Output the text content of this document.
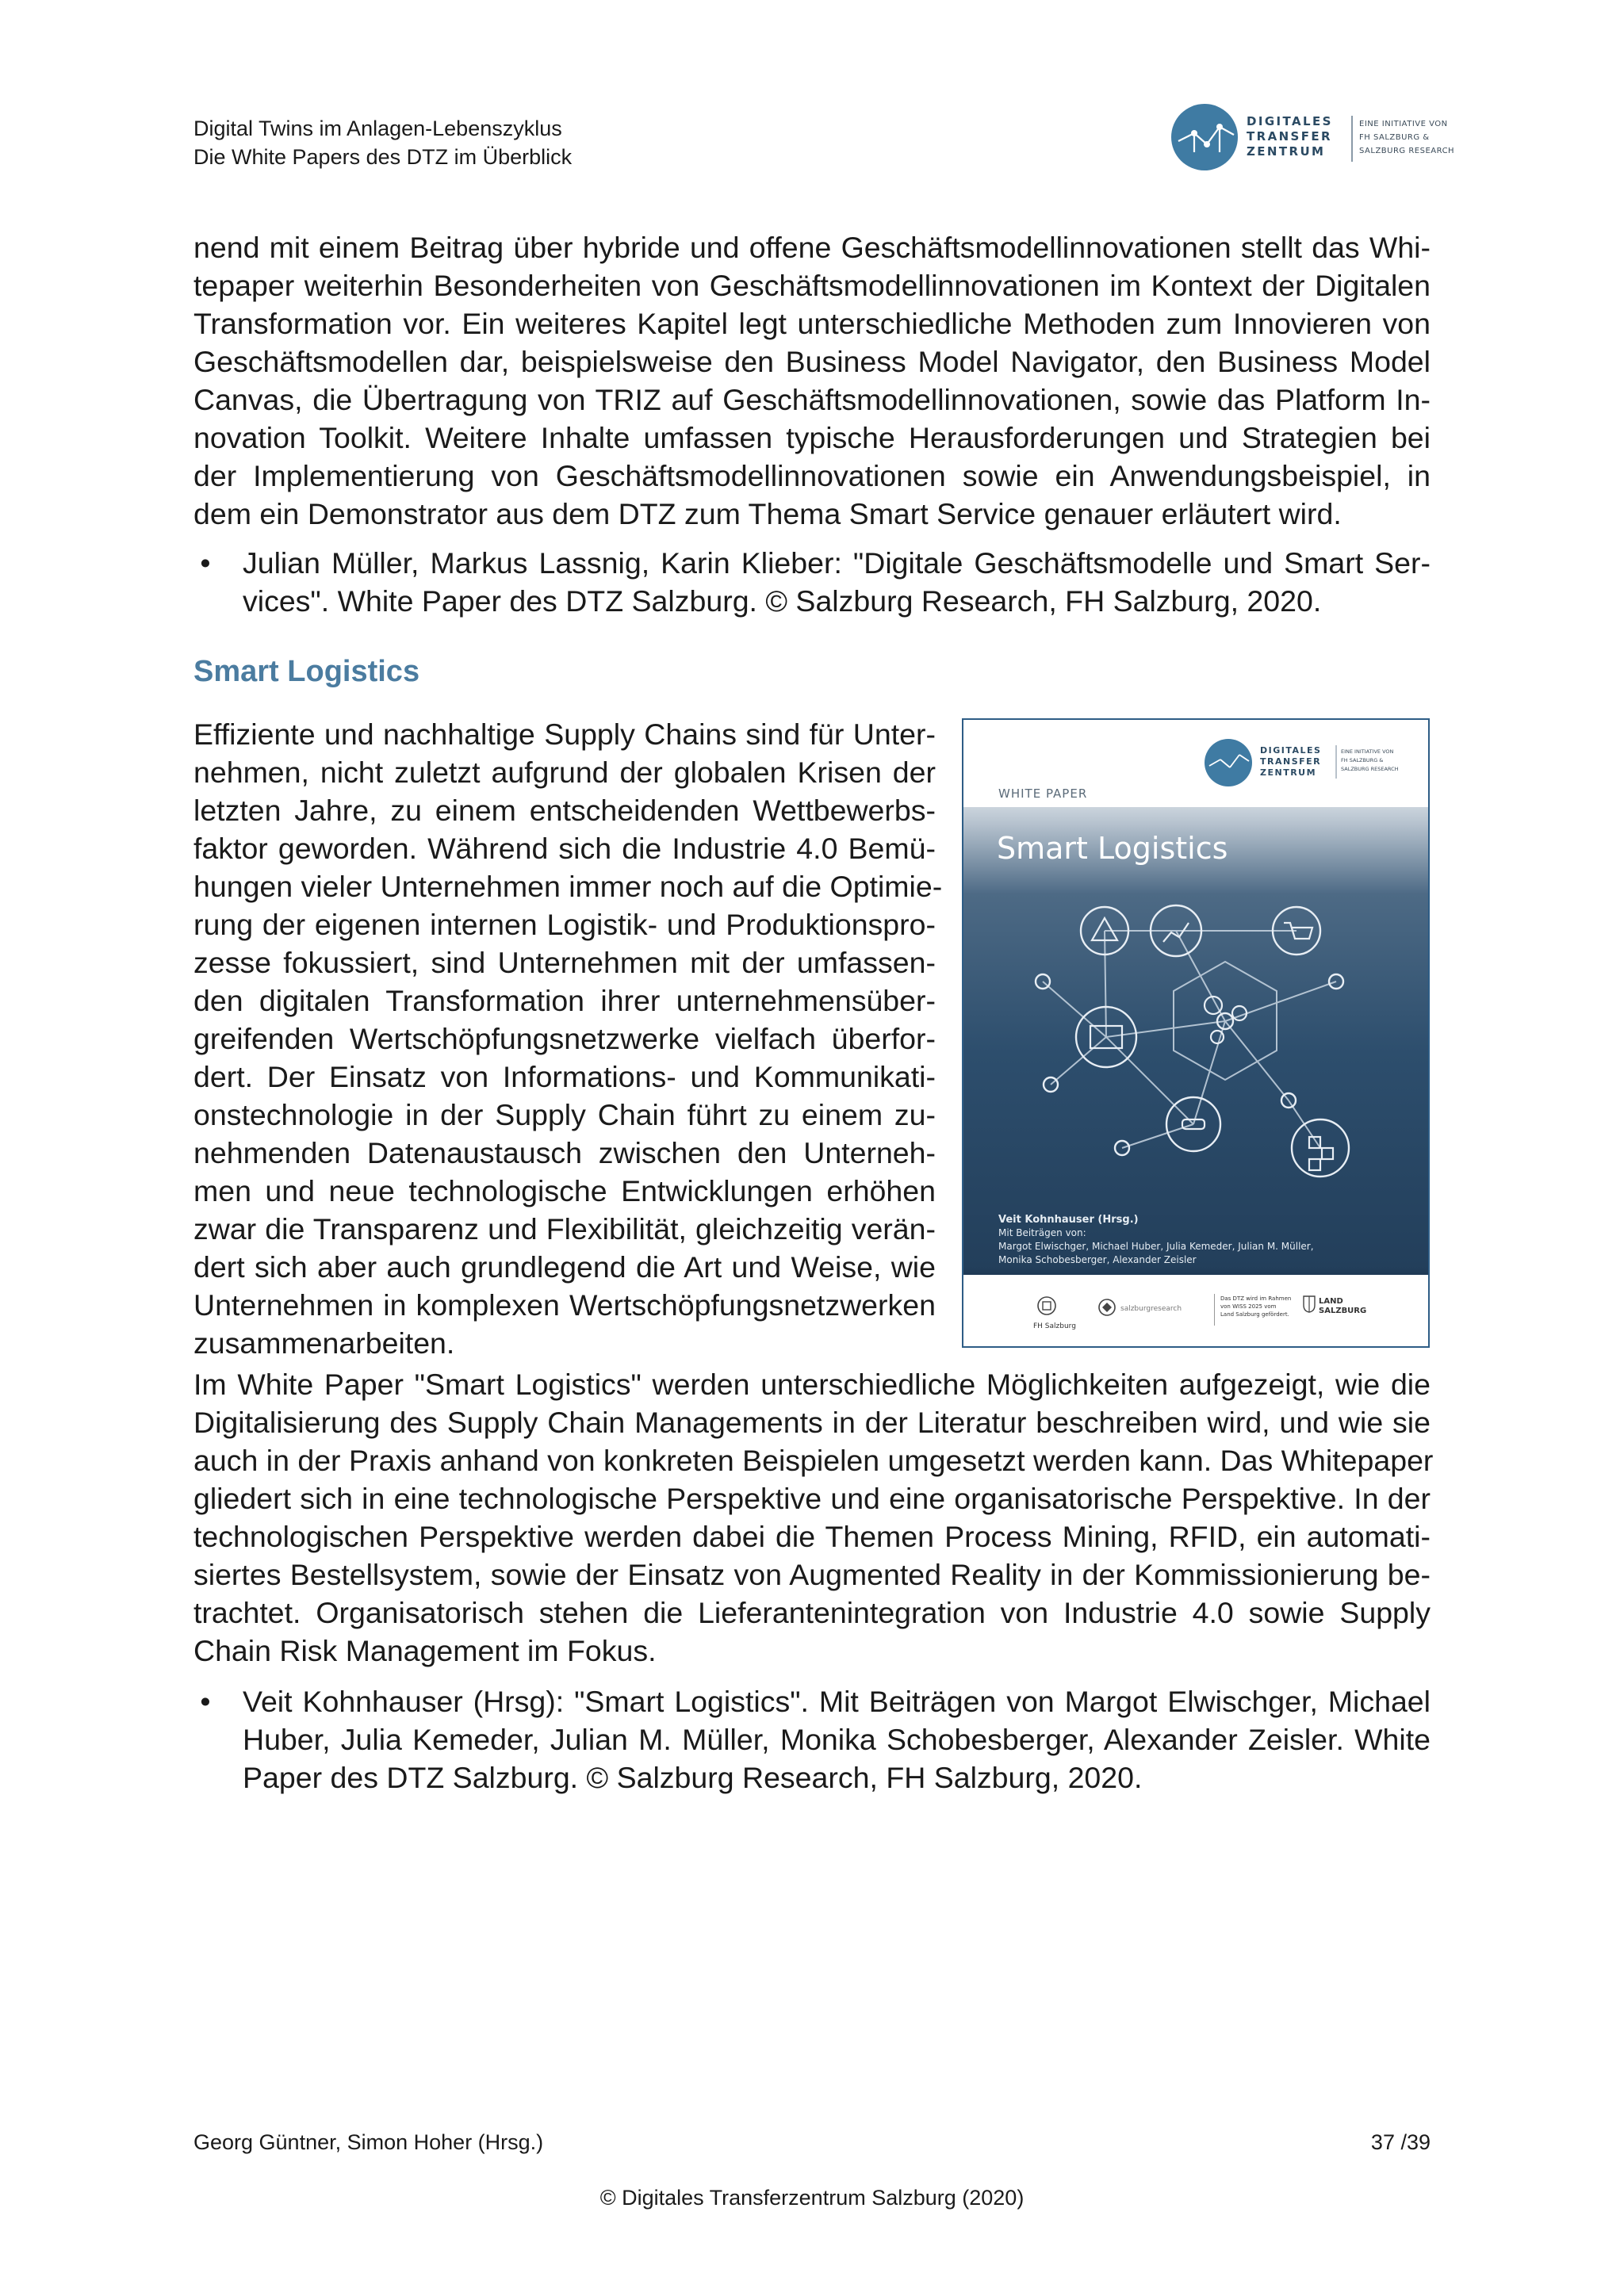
Digital Twins im Anlagen-Lebenszyklus
Die White Papers des DTZ im Überblick
DIGITALES
TRANSFER
ZENTRUM
EINE INITIATIVE VON
FH SALZBURG &
SALZBURG RESEARCH
nend mit einem Beitrag über hybride und offene Geschäftsmodellinnovationen stellt das Whi-
tepaper weiterhin Besonderheiten von Geschäftsmodellinnovationen im Kontext der Digitalen
Transformation vor. Ein weiteres Kapitel legt unterschiedliche Methoden zum Innovieren von
Geschäftsmodellen dar, beispielsweise den Business Model Navigator, den Business Model
Canvas, die Übertragung von TRIZ auf Geschäftsmodellinnovationen, sowie das Platform In-
novation Toolkit. Weitere Inhalte umfassen typische Herausforderungen und Strategien bei
der Implementierung von Geschäftsmodellinnovationen sowie ein Anwendungsbeispiel, in
dem ein Demonstrator aus dem DTZ zum Thema Smart Service genauer erläutert wird.
• Julian Müller, Markus Lassnig, Karin Klieber: "Digitale Geschäftsmodelle und Smart Ser-
vices". White Paper des DTZ Salzburg. © Salzburg Research, FH Salzburg, 2020.
Smart Logistics
Effiziente und nachhaltige Supply Chains sind für Unter-
nehmen, nicht zuletzt aufgrund der globalen Krisen der
letzten Jahre, zu einem entscheidenden Wettbewerbs-
faktor geworden. Während sich die Industrie 4.0 Bemü-
hungen vieler Unternehmen immer noch auf die Optimie-
rung der eigenen internen Logistik- und Produktionspro-
zesse fokussiert, sind Unternehmen mit der umfassen-
den digitalen Transformation ihrer unternehmensüber-
greifenden Wertschöpfungsnetzwerke vielfach überfor-
dert. Der Einsatz von Informations- und Kommunikati-
onstechnologie in der Supply Chain führt zu einem zu-
nehmenden Datenaustausch zwischen den Unterneh-
men und neue technologische Entwicklungen erhöhen
zwar die Transparenz und Flexibilität, gleichzeitig verän-
dert sich aber auch grundlegend die Art und Weise, wie
Unternehmen in komplexen Wertschöpfungsnetzwerken
zusammenarbeiten.
DIGITALES
TRANSFER
ZENTRUM
EINE INITIATIVE VON
FH SALZBURG &
SALZBURG RESEARCH
WHITE PAPER
Smart Logistics
Veit Kohnhauser (Hrsg.)
Mit Beiträgen von:
Margot Elwischger, Michael Huber, Julia Kemeder, Julian M. Müller,
Monika Schobesberger, Alexander Zeisler
FH Salzburg
salzburgresearch
Das DTZ wird im Rahmen
von WISS 2025 vom
Land Salzburg gefördert.
LAND
SALZBURG
Im White Paper "Smart Logistics" werden unterschiedliche Möglichkeiten aufgezeigt, wie die
Digitalisierung des Supply Chain Managements in der Literatur beschreiben wird, und wie sie
auch in der Praxis anhand von konkreten Beispielen umgesetzt werden kann. Das Whitepaper
gliedert sich in eine technologische Perspektive und eine organisatorische Perspektive. In der
technologischen Perspektive werden dabei die Themen Process Mining, RFID, ein automati-
siertes Bestellsystem, sowie der Einsatz von Augmented Reality in der Kommissionierung be-
trachtet. Organisatorisch stehen die Lieferantenintegration von Industrie 4.0 sowie Supply
Chain Risk Management im Fokus.
• Veit Kohnhauser (Hrsg): "Smart Logistics". Mit Beiträgen von Margot Elwischger, Michael
Huber, Julia Kemeder, Julian M. Müller, Monika Schobesberger, Alexander Zeisler. White
Paper des DTZ Salzburg. © Salzburg Research, FH Salzburg, 2020.
Georg Güntner, Simon Hoher (Hrsg.)	37 /39
© Digitales Transferzentrum Salzburg (2020)
